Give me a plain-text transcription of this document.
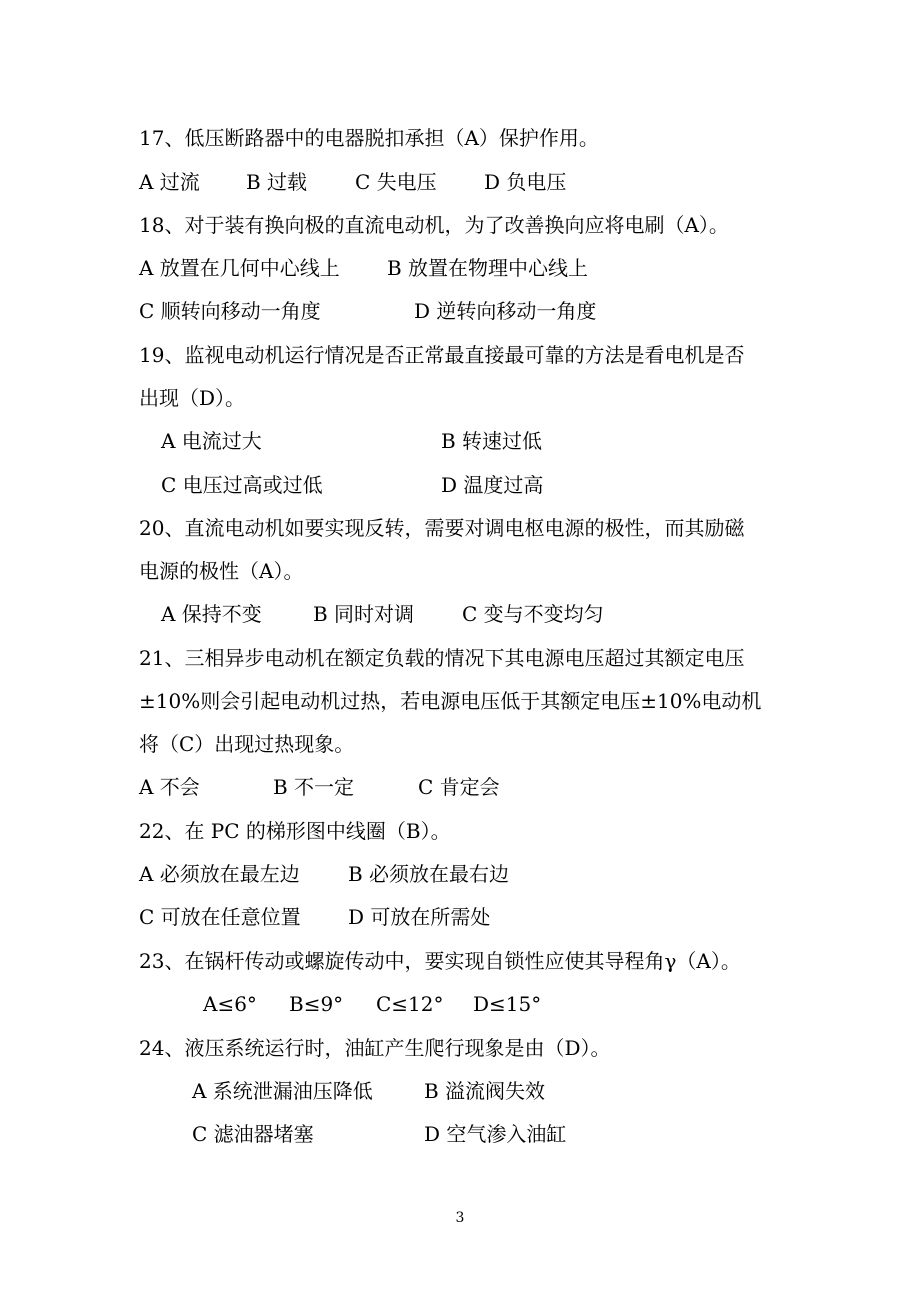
17、低压断路器中的电器脱扣承担（A）保护作用。
A 过流 B 过载 C 失电压 D 负电压
18、对于装有换向极的直流电动机，为了改善换向应将电刷（A）。
A 放置在几何中心线上 B 放置在物理中心线上
C 顺转向移动一角度	D 逆转向移动一角度
19、监视电动机运行情况是否正常最直接最可靠的方法是看电机是否
出现（D）。
A 电流过大	B 转速过低
C 电压过高或过低	D 温度过高
20、直流电动机如要实现反转，需要对调电枢电源的极性，而其励磁
电源的极性（A）。
A 保持不变	B 同时对调 C 变与不变均匀
21、三相异步电动机在额定负载的情况下其电源电压超过其额定电压
±10%则会引起电动机过热，若电源电压低于其额定电压±10%电动机
将（C）出现过热现象。
A 不会	B 不一定	C 肯定会
22、在 PC 的梯形图中线圈（B）。
A 必须放在最左边 B 必须放在最右边
C 可放在任意位置 D 可放在所需处
23、在锅杆传动或螺旋传动中，要实现自锁性应使其导程角γ（A）。
A≤6° B≤9° C≤12° D≤15°
24、液压系统运行时，油缸产生爬行现象是由（D）。
A 系统泄漏油压降低	B 溢流阀失效
C 滤油器堵塞	D 空气渗入油缸
3
